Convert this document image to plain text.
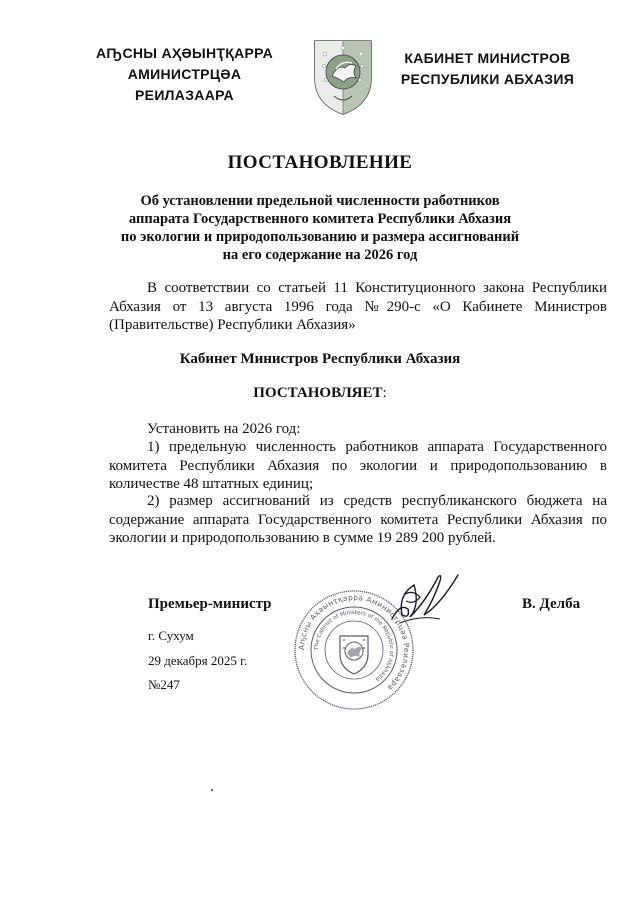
АҦСНЫ АҲӘЫНҬҚАРРА
АМИНИСТРЦӘА РЕИЛАЗААРА
КАБИНЕТ МИНИСТРОВ
РЕСПУБЛИКИ АБХАЗИЯ
ПОСТАНОВЛЕНИЕ
Об установлении предельной численности работников
аппарата Государственного комитета Республики Абхазия
по экологии и природопользованию и размера ассигнований
на его содержание на 2026 год
В соответствии со статьей 11 Конституционного закона Республики Абхазия от 13 августа 1996 года №290-с «О Кабинете Министров (Правительстве) Республики Абхазия»
Кабинет Министров Республики Абхазия
ПОСТАНОВЛЯЕТ:
Установить на 2026 год:
1) предельную численность работников аппарата Государственного комитета Республики Абхазия по экологии и природопользованию в количестве 48 штатных единиц;
2) размер ассигнований из средств республиканского бюджета на содержание аппарата Государственного комитета Республики Абхазия по экологии и природопользованию в сумме 19 289 200 рублей.
Аҧсны Аҳәынҭқарра Аминистрцәа Реилазаара
The Cabinet of Ministers of the Republic of Abkhazia
Премьер-министр	В. Делба
г. Сухум
29 декабря 2025 г.
№247
